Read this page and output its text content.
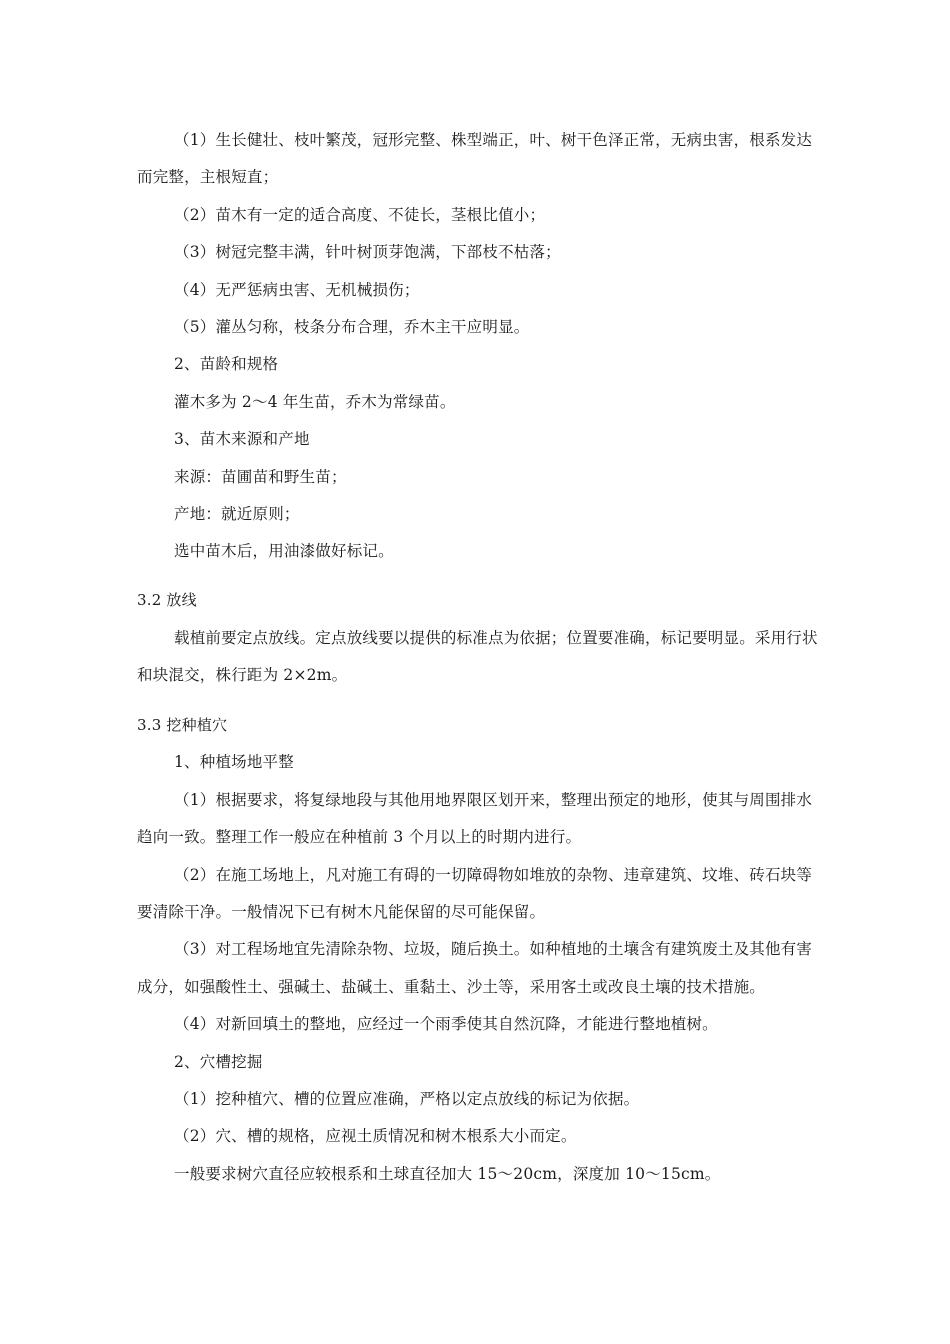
（1）生长健壮、枝叶繁茂，冠形完整、株型端正，叶、树干色泽正常，无病虫害，根系发达
而完整，主根短直；
（2）苗木有一定的适合高度、不徒长，茎根比值小；
（3）树冠完整丰满，针叶树顶芽饱满，下部枝不枯落；
（4）无严惩病虫害、无机械损伤；
（5）灌丛匀称，枝条分布合理，乔木主干应明显。
2、苗龄和规格
灌木多为 2～4 年生苗，乔木为常绿苗。
3、苗木来源和产地
来源：苗圃苗和野生苗；
产地：就近原则；
选中苗木后，用油漆做好标记。
3.2 放线
载植前要定点放线。定点放线要以提供的标准点为依据；位置要准确，标记要明显。采用行状
和块混交，株行距为 2×2m。
3.3 挖种植穴
1、种植场地平整
（1）根据要求，将复绿地段与其他用地界限区划开来，整理出预定的地形，使其与周围排水
趋向一致。整理工作一般应在种植前 3 个月以上的时期内进行。
（2）在施工场地上，凡对施工有碍的一切障碍物如堆放的杂物、违章建筑、坟堆、砖石块等
要清除干净。一般情况下已有树木凡能保留的尽可能保留。
（3）对工程场地宜先清除杂物、垃圾，随后换土。如种植地的土壤含有建筑废土及其他有害
成分，如强酸性土、强碱土、盐碱土、重黏土、沙土等，采用客土或改良土壤的技术措施。
（4）对新回填土的整地，应经过一个雨季使其自然沉降，才能进行整地植树。
2、穴槽挖掘
（1）挖种植穴、槽的位置应准确，严格以定点放线的标记为依据。
（2）穴、槽的规格，应视土质情况和树木根系大小而定。
一般要求树穴直径应较根系和土球直径加大 15～20cm，深度加 10～15cm。
